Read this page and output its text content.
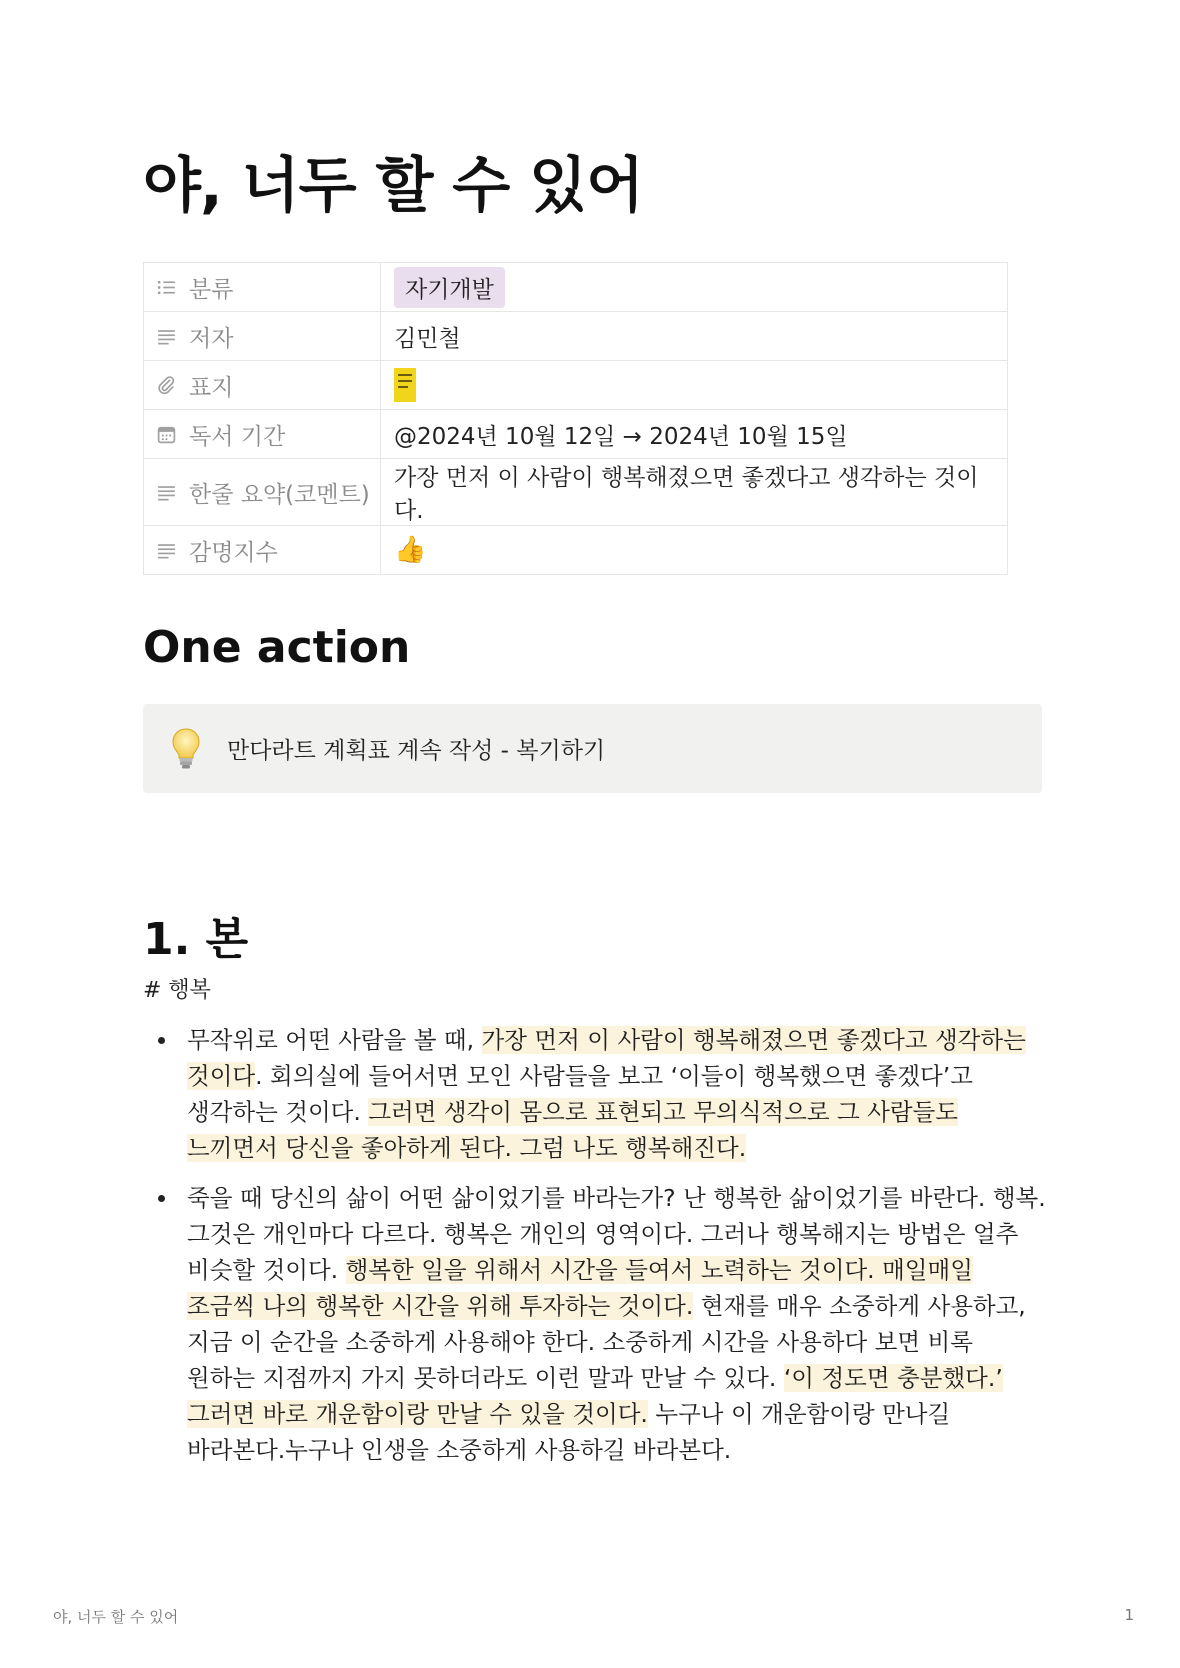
야, 너두 할 수 있어
분류	자기개발

저자	김민철

표지	

독서 기간	@2024년 10월 12일 → 2024년 10월 15일

한줄 요약(코멘트)	가장 먼저 이 사람이 행복해졌으면 좋겠다고 생각하는 것이다.

감명지수	👍
One action
만다라트 계획표 계속 작성 - 복기하기
1. 본
# 행복
무작위로 어떤 사람을 볼 때, 가장 먼저 이 사람이 행복해졌으면 좋겠다고 생각하는 것이다. 회의실에 들어서면 모인 사람들을 보고 ‘이들이 행복했으면 좋겠다’고 생각하는 것이다. 그러면 생각이 몸으로 표현되고 무의식적으로 그 사람들도 느끼면서 당신을 좋아하게 된다. 그럼 나도 행복해진다.
죽을 때 당신의 삶이 어떤 삶이었기를 바라는가? 난 행복한 삶이었기를 바란다. 행복. 그것은 개인마다 다르다. 행복은 개인의 영역이다. 그러나 행복해지는 방법은 얼추 비슷할 것이다. 행복한 일을 위해서 시간을 들여서 노력하는 것이다. 매일매일 조금씩 나의 행복한 시간을 위해 투자하는 것이다. 현재를 매우 소중하게 사용하고, 지금 이 순간을 소중하게 사용해야 한다. 소중하게 시간을 사용하다 보면 비록 원하는 지점까지 가지 못하더라도 이런 말과 만날 수 있다. ‘이 정도면 충분했다.’ 그러면 바로 개운함이랑 만날 수 있을 것이다. 누구나 이 개운함이랑 만나길 바라본다.누구나 인생을 소중하게 사용하길 바라본다.
야, 너두 할 수 있어	1
